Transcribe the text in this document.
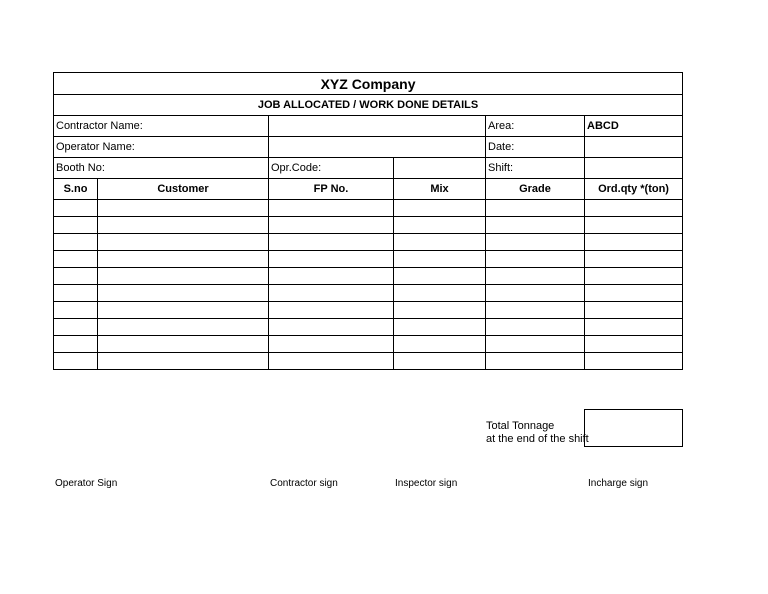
XYZ Company					
JOB ALLOCATED / WORK DONE DETAILS					
Contractor Name:				Area:	ABCD
Operator Name:				Date:	
Booth No:		Opr.Code:		Shift:	
S.no	Customer	FP No.	Mix	Grade	Ord.qty *(ton)

Total Tonnage
at the end of the shift
Operator Sign	Contractor sign	Inspector sign	Incharge sign
